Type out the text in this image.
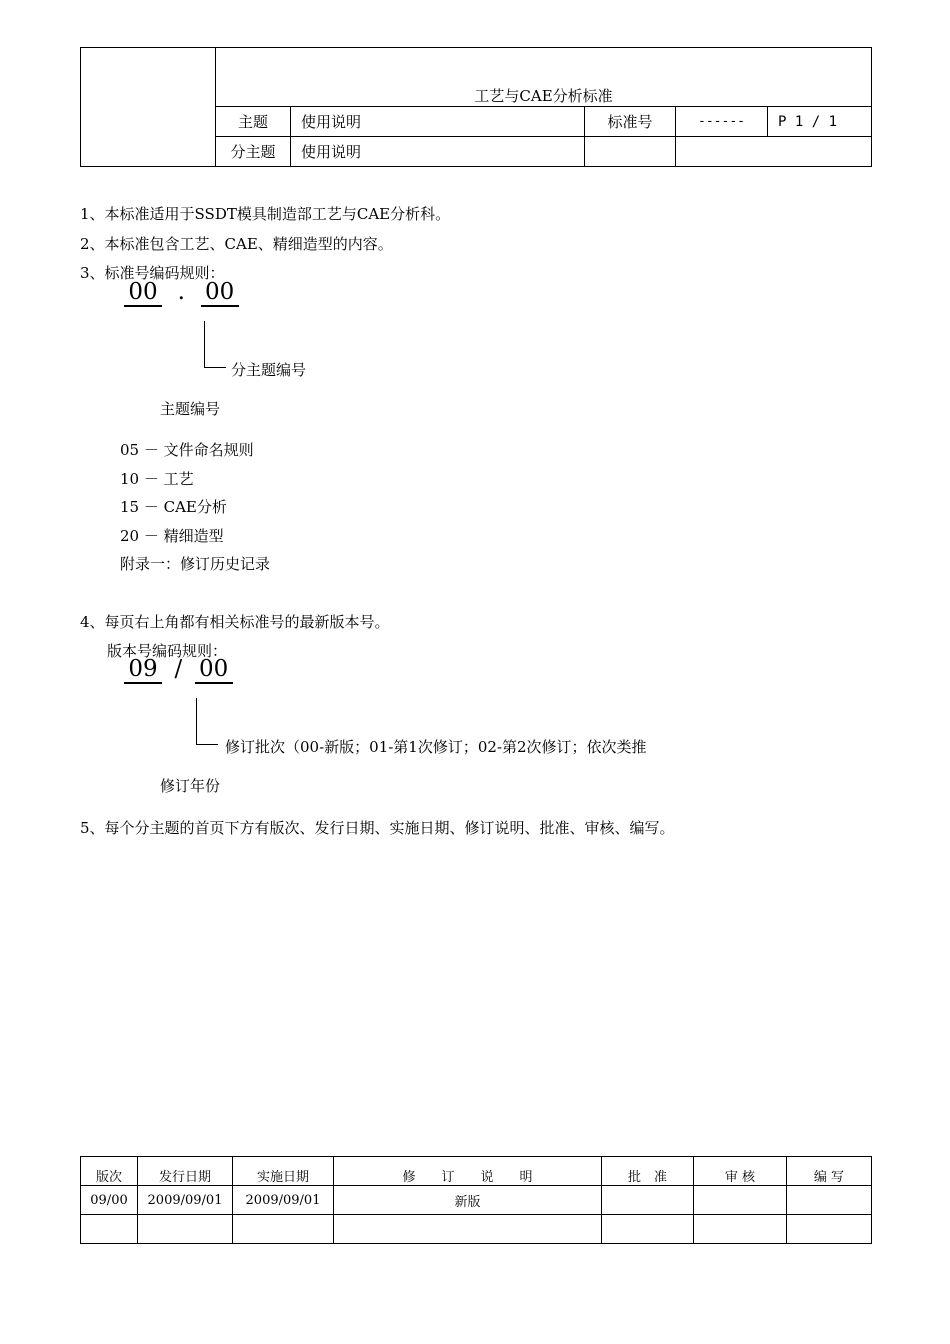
	工艺与CAE分析标准				
	主题	使用说明	标准号	------	P 1 / 1
	分主题	使用说明			
1、本标准适用于SSDT模具制造部工艺与CAE分析科。
2、本标准包含工艺、CAE、精细造型的内容。
3、标准号编码规则：
00 . 00
分主题编号
主题编号
05 － 文件命名规则
10 － 工艺
15 － CAE分析
20 － 精细造型
附录一：修订历史记录
4、每页右上角都有相关标准号的最新版本号。
版本号编码规则：
09 / 00
修订批次（00-新版；01-第1次修订；02-第2次修订；依次类推
修订年份
5、每个分主题的首页下方有版次、发行日期、实施日期、修订说明、批准、审核、编写。
版次	发行日期	实施日期	修　　订　　说　　明	批　准	审 核	编 写
09/00	2009/09/01	2009/09/01	新版			
